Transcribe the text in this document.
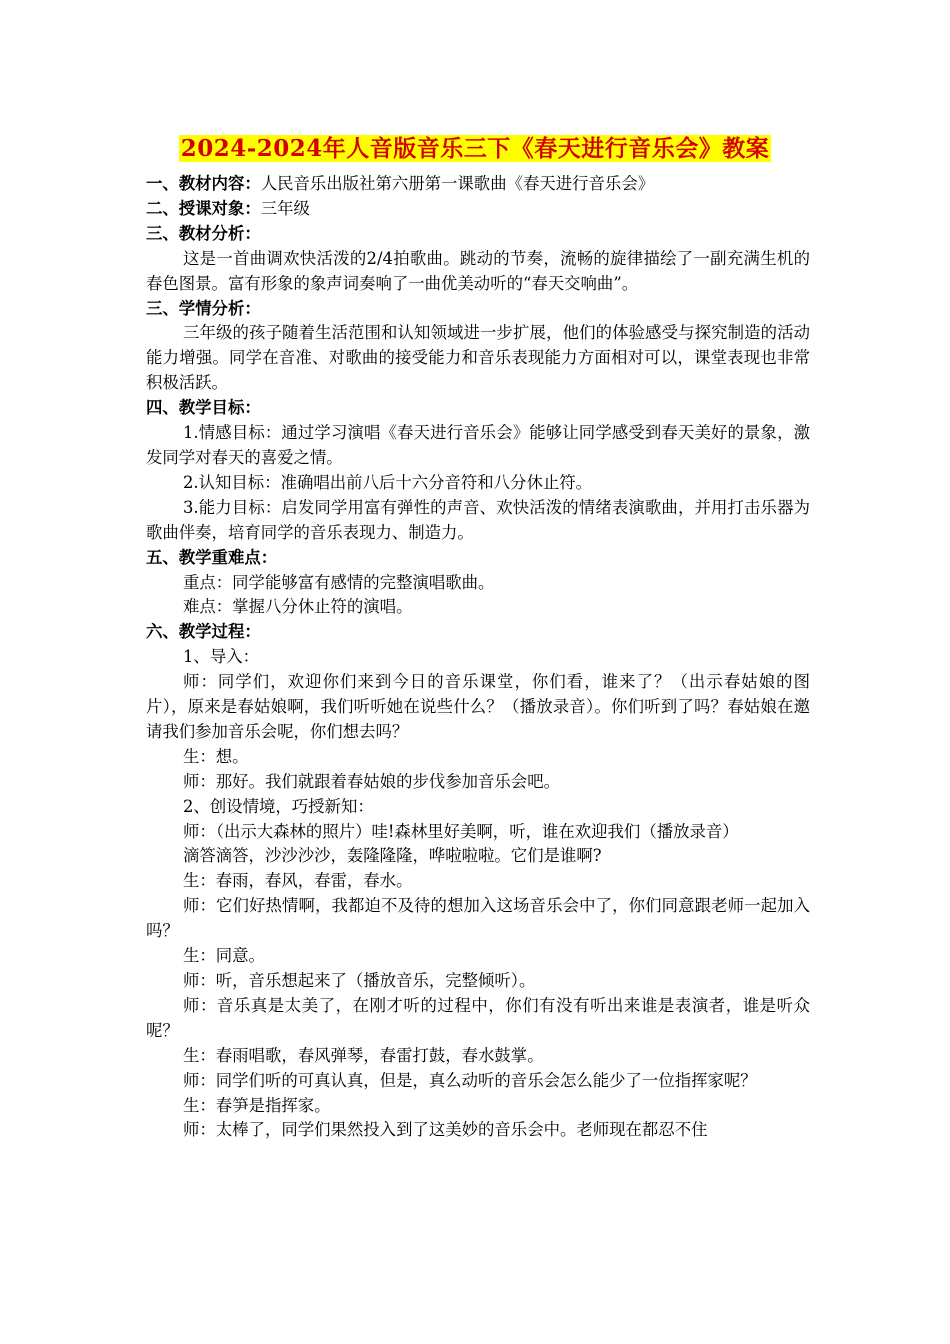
2024-2024年人音版音乐三下《春天进行音乐会》教案

一、教材内容：人民音乐出版社第六册第一课歌曲《春天进行音乐会》

二、授课对象：三年级

三、教材分析：

这是一首曲调欢快活泼的2/4拍歌曲。跳动的节奏，流畅的旋律描绘了一副充满生机的春色图景。富有形象的象声词奏响了一曲优美动听的“春天交响曲”。

三、学情分析：

三年级的孩子随着生活范围和认知领域进一步扩展，他们的体验感受与探究制造的活动能力增强。同学在音准、对歌曲的接受能力和音乐表现能力方面相对可以，课堂表现也非常积极活跃。

四、教学目标：

1.情感目标：通过学习演唱《春天进行音乐会》能够让同学感受到春天美好的景象，激发同学对春天的喜爱之情。

2.认知目标：准确唱出前八后十六分音符和八分休止符。

3.能力目标：启发同学用富有弹性的声音、欢快活泼的情绪表演歌曲，并用打击乐器为歌曲伴奏，培育同学的音乐表现力、制造力。

五、教学重难点：

重点：同学能够富有感情的完整演唱歌曲。

难点：掌握八分休止符的演唱。

六、教学过程：

1、导入：

师：同学们，欢迎你们来到今日的音乐课堂，你们看，谁来了？（出示春姑娘的图片），原来是春姑娘啊，我们听听她在说些什么？（播放录音）。你们听到了吗？春姑娘在邀请我们参加音乐会呢，你们想去吗？

生：想。

师：那好。我们就跟着春姑娘的步伐参加音乐会吧。

2、创设情境，巧授新知：

师：（出示大森林的照片）哇!森林里好美啊，听，谁在欢迎我们（播放录音）

滴答滴答，沙沙沙沙，轰隆隆隆，哗啦啦啦。它们是谁啊?

生：春雨，春风，春雷，春水。

师：它们好热情啊，我都迫不及待的想加入这场音乐会中了，你们同意跟老师一起加入吗？

生：同意。

师：听，音乐想起来了（播放音乐，完整倾听）。

师：音乐真是太美了，在刚才听的过程中，你们有没有听出来谁是表演者，谁是听众呢？

生：春雨唱歌，春风弹琴，春雷打鼓，春水鼓掌。

师：同学们听的可真认真，但是，真么动听的音乐会怎么能少了一位指挥家呢？

生：春笋是指挥家。

师：太棒了，同学们果然投入到了这美妙的音乐会中。老师现在都忍不住
